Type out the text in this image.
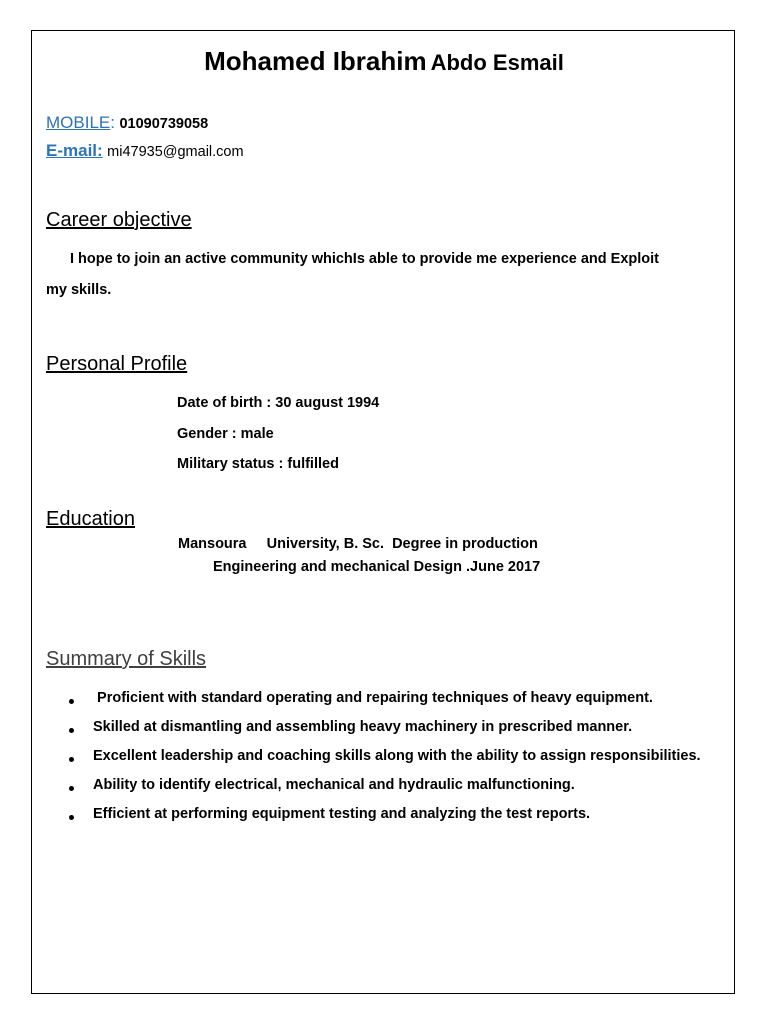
Mohamed Ibrahim Abdo Esmail
MOBILE: 01090739058
E-mail: mi47935@gmail.com
Career objective
I hope to join an active community whichIs able to provide me experience and Exploit
my skills.
Personal Profile
Date of birth : 30 august 1994
Gender : male
Military status : fulfilled
Education
Mansoura     University, B. Sc.  Degree in production
Engineering and mechanical Design .June 2017
Summary of Skills
Proficient with standard operating and repairing techniques of heavy equipment.
Skilled at dismantling and assembling heavy machinery in prescribed manner.
Excellent leadership and coaching skills along with the ability to assign responsibilities.
Ability to identify electrical, mechanical and hydraulic malfunctioning.
Efficient at performing equipment testing and analyzing the test reports.
